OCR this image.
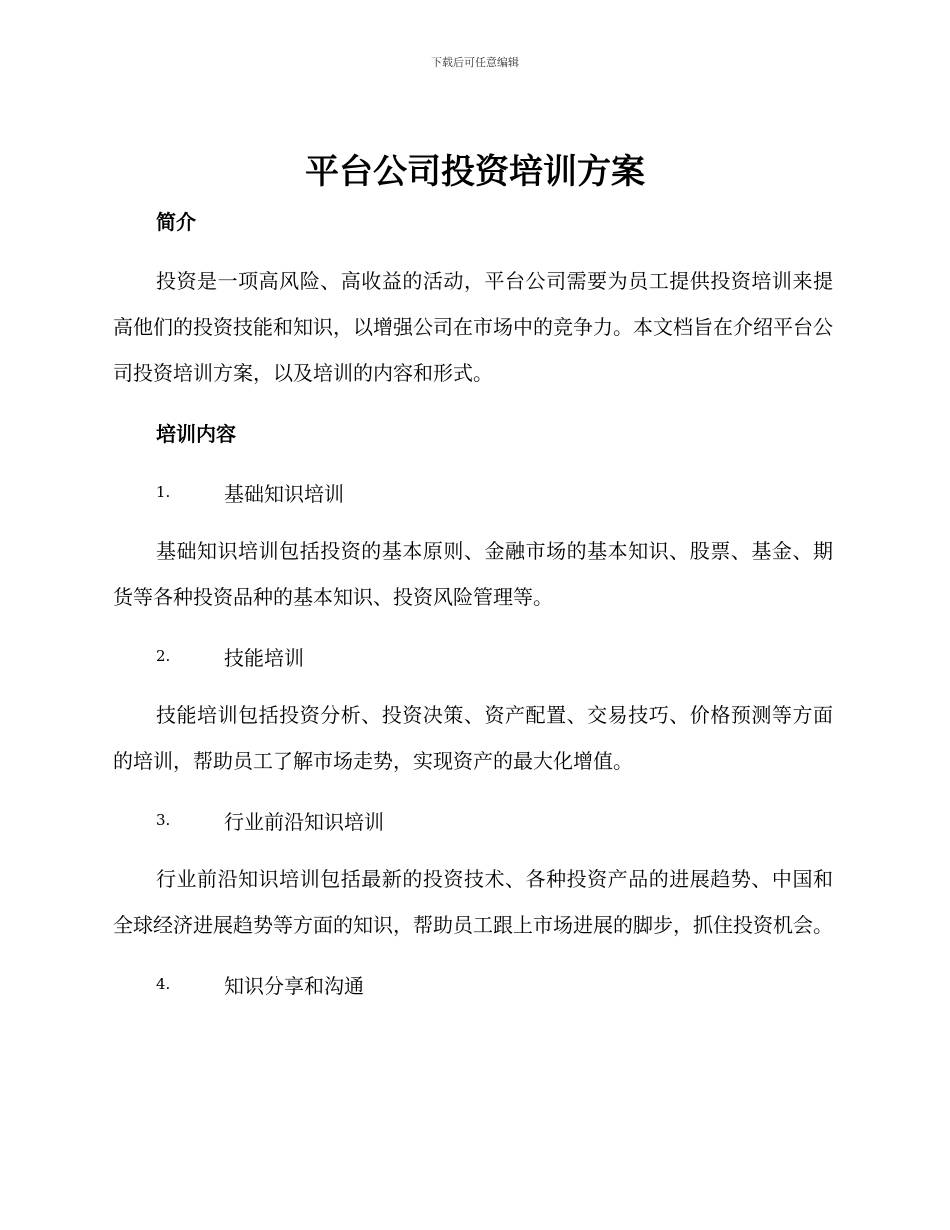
下载后可任意编辑
平台公司投资培训方案
简介

投资是一项高风险、高收益的活动，平台公司需要为员工提供投资培训来提高他们的投资技能和知识，以增强公司在市场中的竞争力。本文档旨在介绍平台公司投资培训方案，以及培训的内容和形式。

培训内容
1.	基础知识培训

基础知识培训包括投资的基本原则、金融市场的基本知识、股票、基金、期货等各种投资品种的基本知识、投资风险管理等。

2.	技能培训

技能培训包括投资分析、投资决策、资产配置、交易技巧、价格预测等方面的培训，帮助员工了解市场走势，实现资产的最大化增值。

3.	行业前沿知识培训

行业前沿知识培训包括最新的投资技术、各种投资产品的进展趋势、中国和全球经济进展趋势等方面的知识，帮助员工跟上市场进展的脚步，抓住投资机会。

4.	知识分享和沟通
